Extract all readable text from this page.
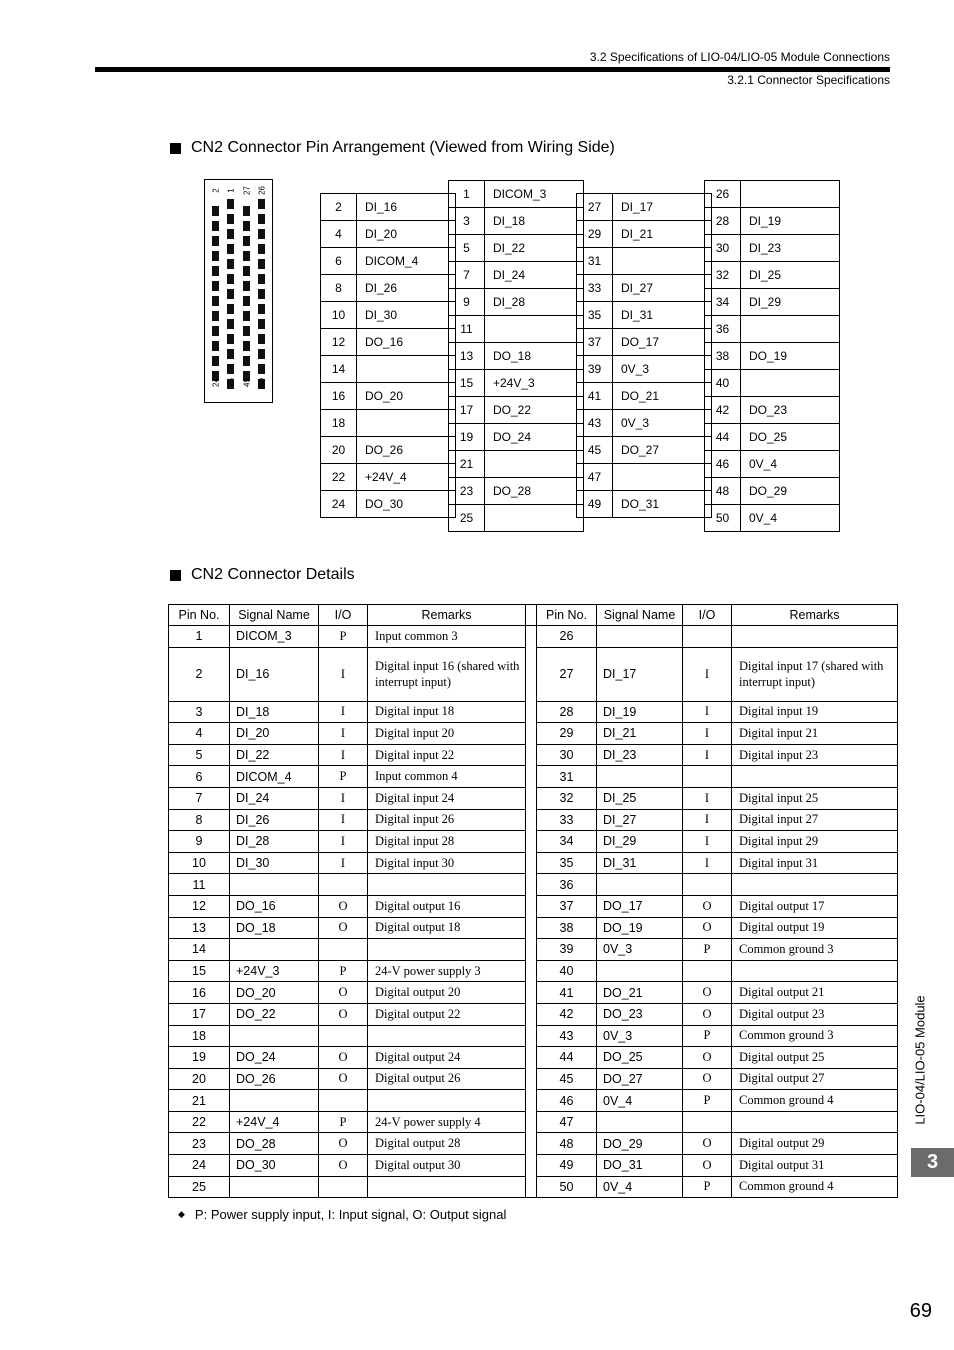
3.2 Specifications of LIO-04/LIO-05 Module Connections
3.2.1 Connector Specifications
CN2 Connector Pin Arrangement (Viewed from Wiring Side)
2
24
1
25
27
49
26
50
2	DI_16
4	DI_20
6	DICOM_4
8	DI_26
10	DI_30
12	DO_16
14	
16	DO_20
18	
20	DO_26
22	+24V_4
24	DO_30
1	DICOM_3
3	DI_18
5	DI_22
7	DI_24
9	DI_28
11	
13	DO_18
15	+24V_3
17	DO_22
19	DO_24
21	
23	DO_28
25	
27	DI_17
29	DI_21
31	
33	DI_27
35	DI_31
37	DO_17
39	0V_3
41	DO_21
43	0V_3
45	DO_27
47	
49	DO_31
26	
28	DI_19
30	DI_23
32	DI_25
34	DI_29
36	
38	DO_19
40	
42	DO_23
44	DO_25
46	0V_4
48	DO_29
50	0V_4
CN2 Connector Details
Pin No.	Signal Name	I/O	Remarks		Pin No.	Signal Name	I/O	Remarks
1	DICOM_3	P	Input common 3		26			
2	DI_16	I	Digital input 16 (shared with interrupt input)		27	DI_17	I	Digital input 17 (shared with interrupt input)
3	DI_18	I	Digital input 18		28	DI_19	I	Digital input 19
4	DI_20	I	Digital input 20		29	DI_21	I	Digital input 21
5	DI_22	I	Digital input 22		30	DI_23	I	Digital input 23
6	DICOM_4	P	Input common 4		31			
7	DI_24	I	Digital input 24		32	DI_25	I	Digital input 25
8	DI_26	I	Digital input 26		33	DI_27	I	Digital input 27
9	DI_28	I	Digital input 28		34	DI_29	I	Digital input 29
10	DI_30	I	Digital input 30		35	DI_31	I	Digital input 31
11					36			
12	DO_16	O	Digital output 16		37	DO_17	O	Digital output 17
13	DO_18	O	Digital output 18		38	DO_19	O	Digital output 19
14					39	0V_3	P	Common ground 3
15	+24V_3	P	24-V power supply 3		40			
16	DO_20	O	Digital output 20		41	DO_21	O	Digital output 21
17	DO_22	O	Digital output 22		42	DO_23	O	Digital output 23
18					43	0V_3	P	Common ground 3
19	DO_24	O	Digital output 24		44	DO_25	O	Digital output 25
20	DO_26	O	Digital output 26		45	DO_27	O	Digital output 27
21					46	0V_4	P	Common ground 4
22	+24V_4	P	24-V power supply 4		47			
23	DO_28	O	Digital output 28		48	DO_29	O	Digital output 29
24	DO_30	O	Digital output 30		49	DO_31	O	Digital output 31
25					50	0V_4	P	Common ground 4
◆ P: Power supply input, I: Input signal, O: Output signal
LIO-04/LIO-05 Module
3
69
